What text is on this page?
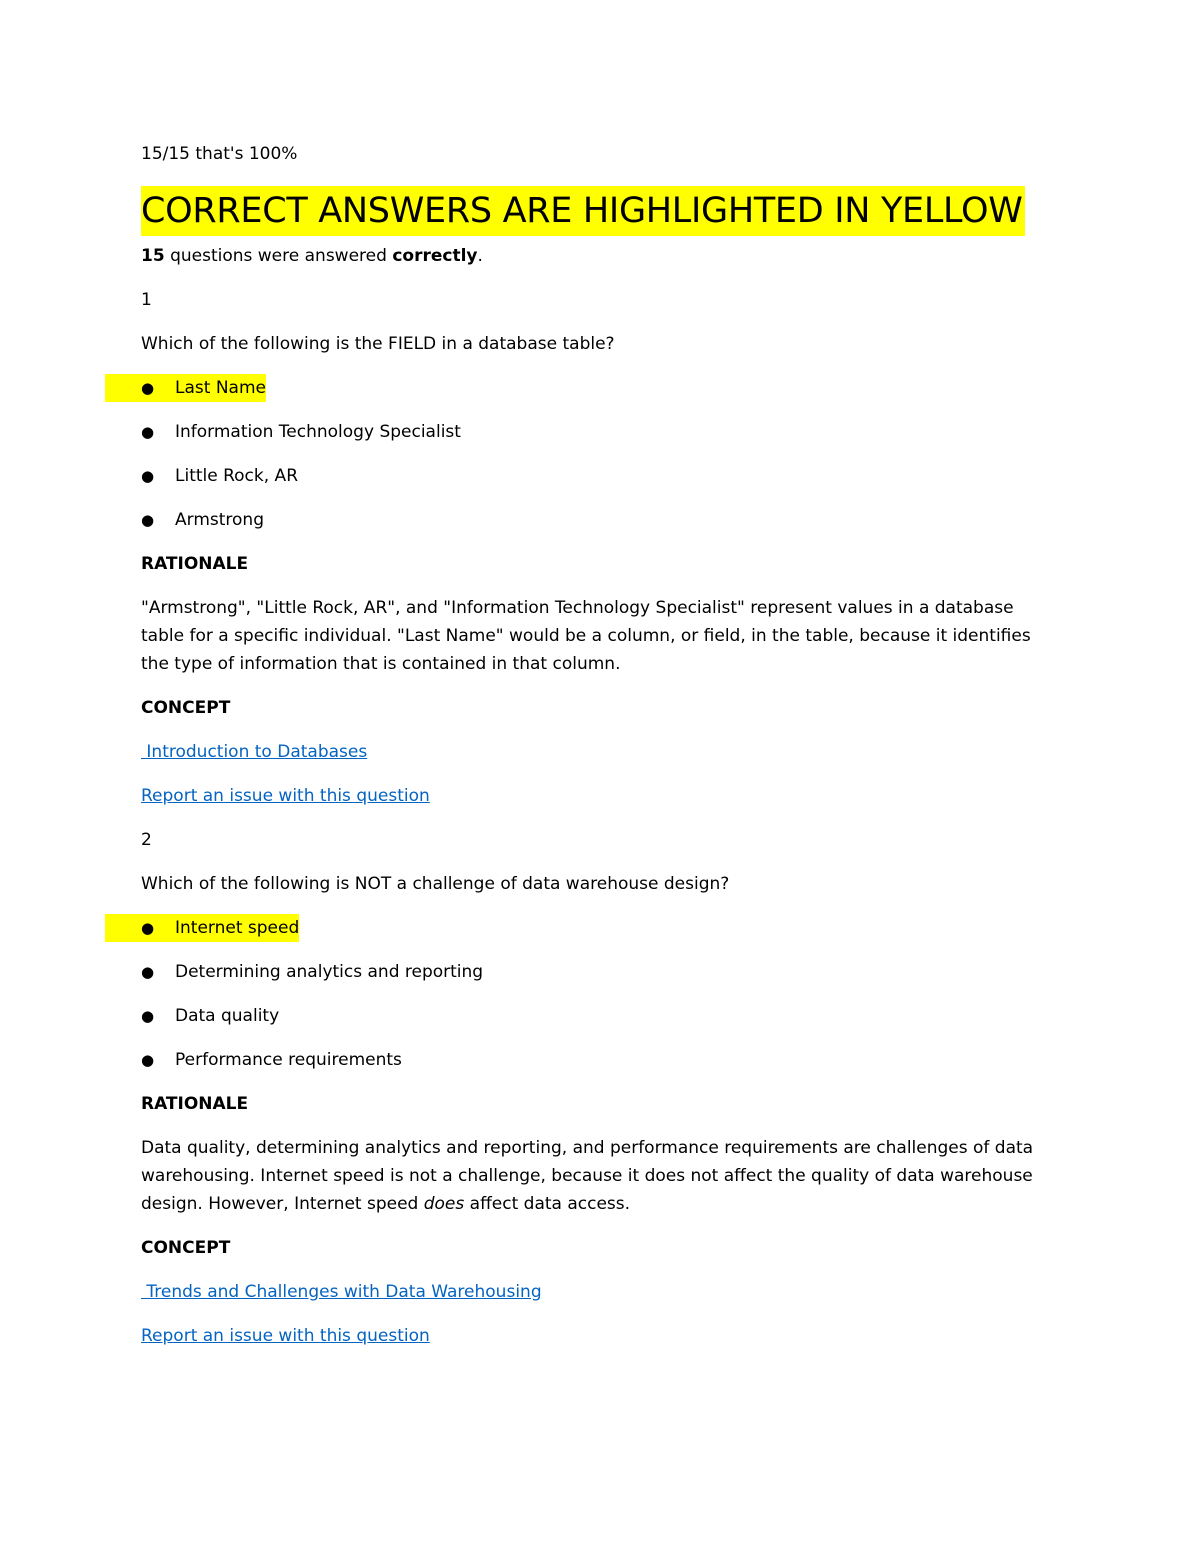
15/15 that's 100%
CORRECT ANSWERS ARE HIGHLIGHTED IN YELLOW
15 questions were answered correctly.
1
Which of the following is the FIELD in a database table?
● Last Name
● Information Technology Specialist
● Little Rock, AR
● Armstrong
RATIONALE
"Armstrong", "Little Rock, AR", and "Information Technology Specialist" represent values in a database
table for a specific individual. "Last Name" would be a column, or field, in the table, because it identifies
the type of information that is contained in that column.
CONCEPT
Introduction to Databases
Report an issue with this question
2
Which of the following is NOT a challenge of data warehouse design?
● Internet speed
● Determining analytics and reporting
● Data quality
● Performance requirements
RATIONALE
Data quality, determining analytics and reporting, and performance requirements are challenges of data
warehousing. Internet speed is not a challenge, because it does not affect the quality of data warehouse
design. However, Internet speed does affect data access.
CONCEPT
Trends and Challenges with Data Warehousing
Report an issue with this question
